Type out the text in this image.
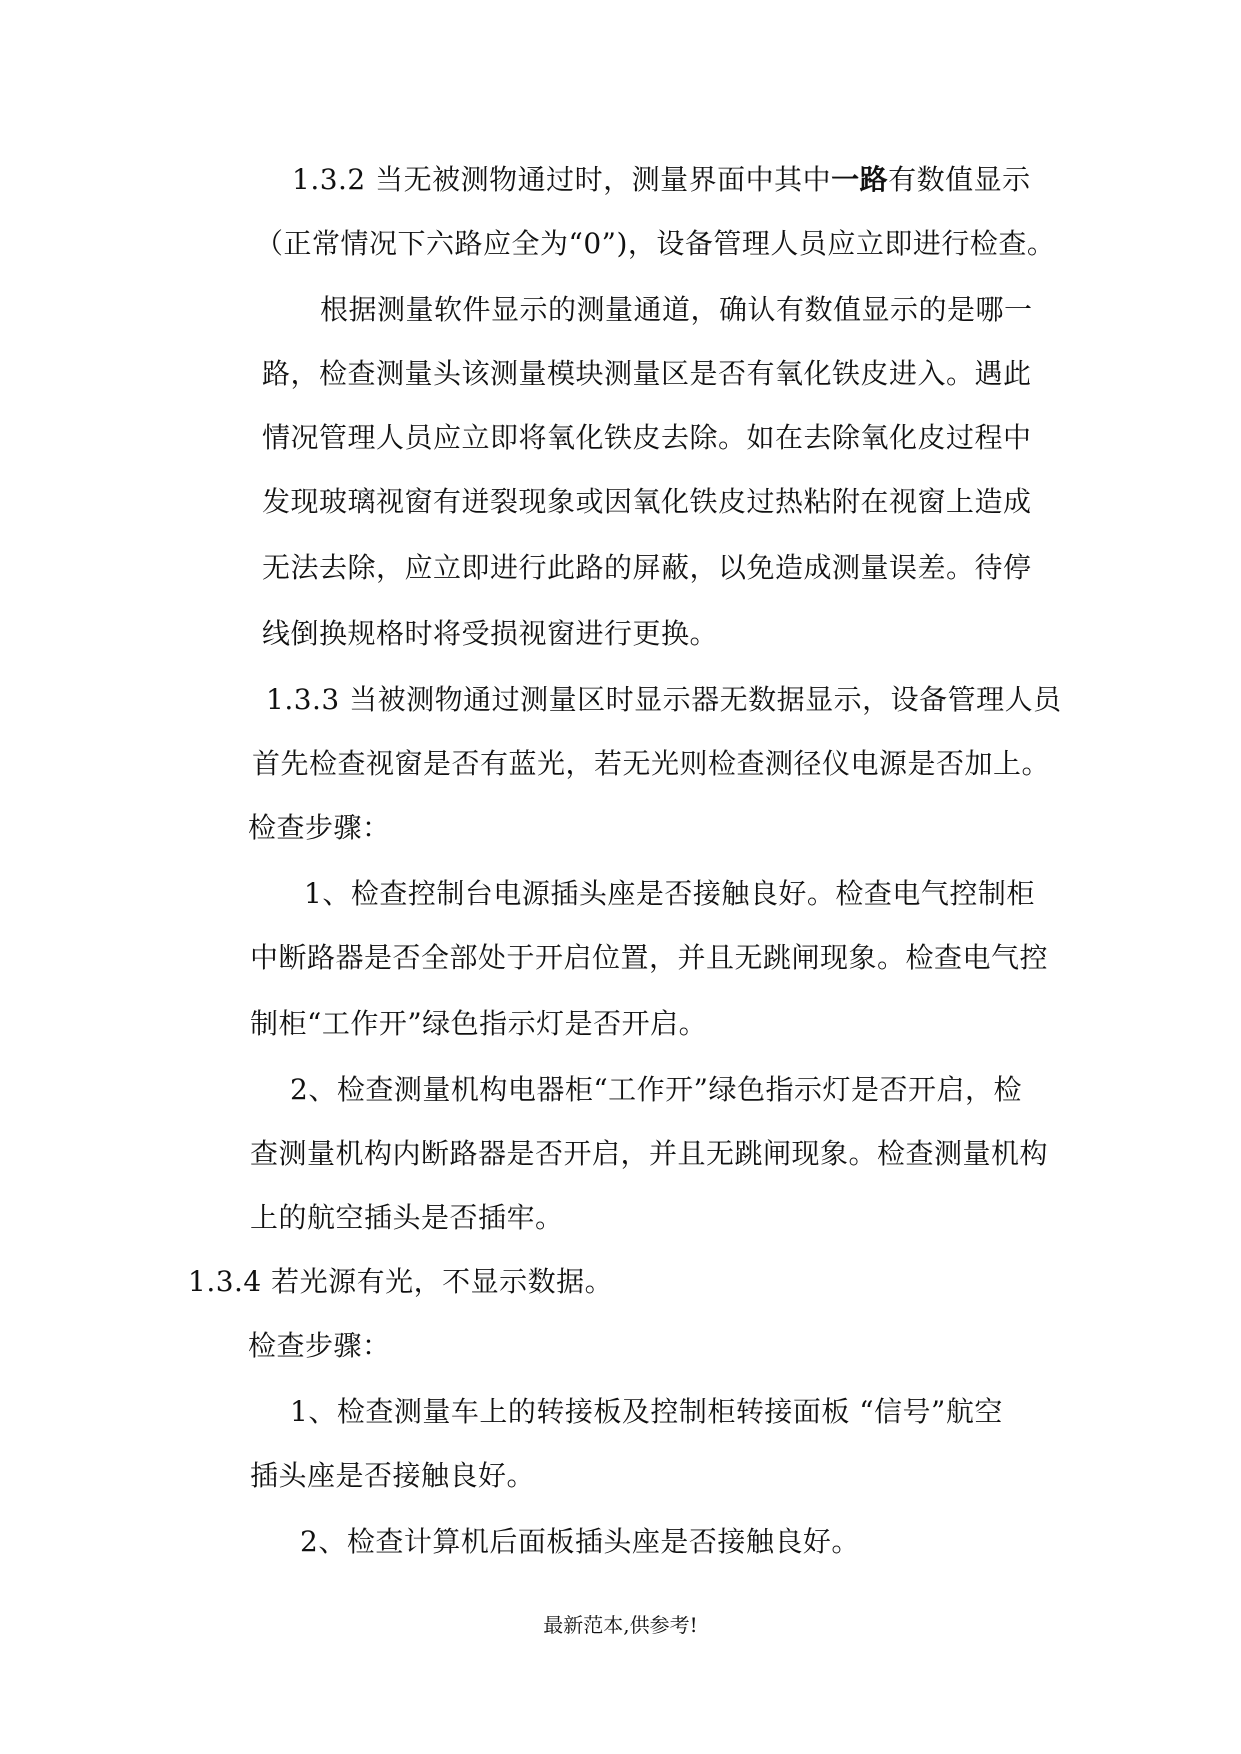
1.3.2 当无被测物通过时，测量界面中其中一路有数值显示
（正常情况下六路应全为“0”)，设备管理人员应立即进行检查。
根据测量软件显示的测量通道，确认有数值显示的是哪一
路，检查测量头该测量模块测量区是否有氧化铁皮进入。遇此
情况管理人员应立即将氧化铁皮去除。如在去除氧化皮过程中
发现玻璃视窗有迸裂现象或因氧化铁皮过热粘附在视窗上造成
无法去除，应立即进行此路的屏蔽，以免造成测量误差。待停
线倒换规格时将受损视窗进行更换。
1.3.3 当被测物通过测量区时显示器无数据显示，设备管理人员
首先检查视窗是否有蓝光，若无光则检查测径仪电源是否加上。
检查步骤：
1、检查控制台电源插头座是否接触良好。检查电气控制柜
中断路器是否全部处于开启位置，并且无跳闸现象。检查电气控
制柜“工作开”绿色指示灯是否开启。
2、检查测量机构电器柜“工作开”绿色指示灯是否开启，检
查测量机构内断路器是否开启，并且无跳闸现象。检查测量机构
上的航空插头是否插牢。
1.3.4 若光源有光，不显示数据。
检查步骤：
1、检查测量车上的转接板及控制柜转接面板 “信号”航空
插头座是否接触良好。
2、检查计算机后面板插头座是否接触良好。
最新范本,供参考!
